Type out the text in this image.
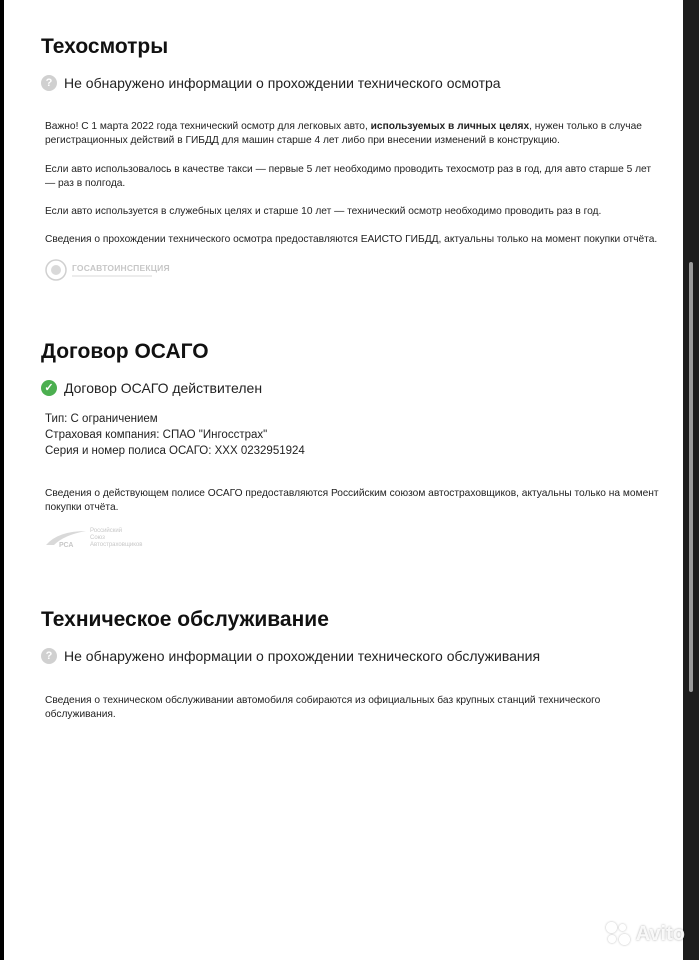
Техосмотры
? Не обнаружено информации о прохождении технического осмотра

Важно! С 1 марта 2022 года технический осмотр для легковых авто, используемых в личных целях, нужен только в случае регистрационных действий в ГИБДД для машин старше 4 лет либо при внесении изменений в конструкцию.

Если авто использовалось в качестве такси — первые 5 лет необходимо проводить техосмотр раз в год, для авто старше 5 лет — раз в полгода.

Если авто используется в служебных целях и старше 10 лет — технический осмотр необходимо проводить раз в год.

Сведения о прохождении технического осмотра предоставляются ЕАИСТО ГИБДД, актуальны только на момент покупки отчёта.

ГОСАВТОИНСПЕКЦИЯ
Договор ОСАГО
✓ Договор ОСАГО действителен

Тип: С ограничением

Страховая компания: СПАО "Ингосстрах"

Серия и номер полиса ОСАГО: XXX 0232951924

Сведения о действующем полисе ОСАГО предоставляются Российским союзом автостраховщиков, актуальны только на момент покупки отчёта.

РСА
Российский
Союз
Автостраховщиков
Техническое обслуживание
? Не обнаружено информации о прохождении технического обслуживания

Сведения о техническом обслуживании автомобиля собираются из официальных баз крупных станций технического обслуживания.

Avito
